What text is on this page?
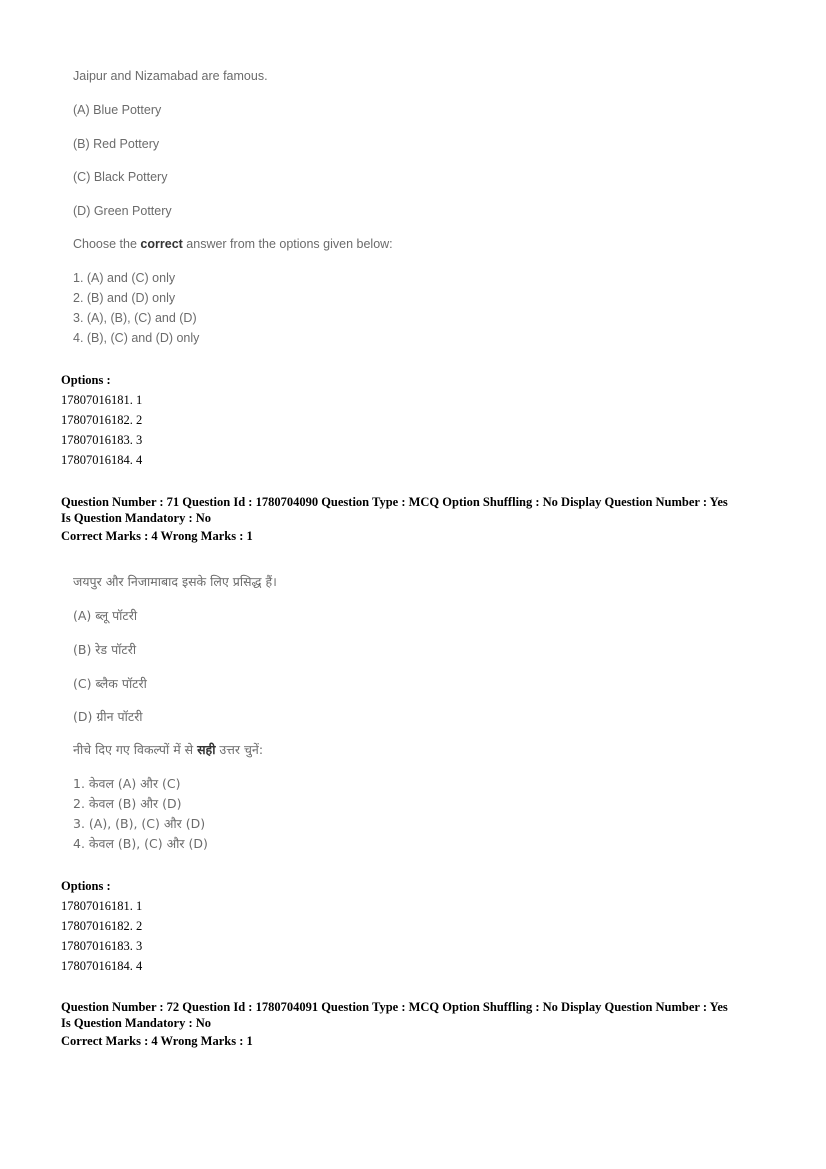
Jaipur and Nizamabad are famous.
(A) Blue Pottery
(B) Red Pottery
(C) Black Pottery
(D) Green Pottery
Choose the correct answer from the options given below:
1. (A) and (C) only
2. (B) and (D) only
3. (A), (B), (C) and (D)
4. (B), (C) and (D) only
Options :
17807016181. 1
17807016182. 2
17807016183. 3
17807016184. 4
Question Number : 71 Question Id : 1780704090 Question Type : MCQ Option Shuffling : No Display Question Number : Yes
Is Question Mandatory : No
Correct Marks : 4 Wrong Marks : 1
जयपुर और निजामाबाद इसके लिए प्रसिद्ध हैं।
(A) ब्लू पॉटरी
(B) रेड पॉटरी
(C) ब्लैक पॉटरी
(D) ग्रीन पॉटरी
नीचे दिए गए विकल्पों में से सही उत्तर चुनें:
1. केवल (A) और (C)
2. केवल (B) और (D)
3. (A), (B), (C) और (D)
4. केवल (B), (C) और (D)
Options :
17807016181. 1
17807016182. 2
17807016183. 3
17807016184. 4
Question Number : 72 Question Id : 1780704091 Question Type : MCQ Option Shuffling : No Display Question Number : Yes
Is Question Mandatory : No
Correct Marks : 4 Wrong Marks : 1
